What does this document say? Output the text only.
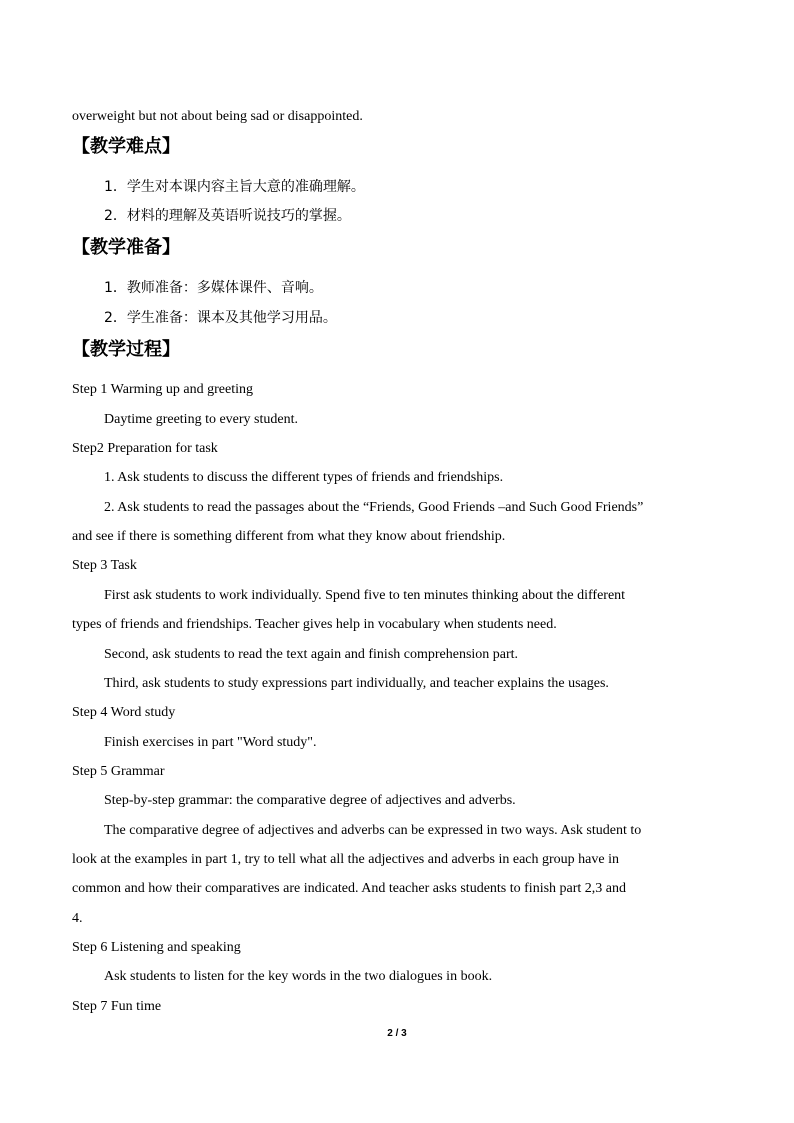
overweight but not about being sad or disappointed.
【教学难点】
1．学生对本课内容主旨大意的准确理解。
2．材料的理解及英语听说技巧的掌握。
【教学准备】
1．教师准备：多媒体课件、音响。
2．学生准备：课本及其他学习用品。
【教学过程】
Step 1 Warming up and greeting
Daytime greeting to every student.
Step2 Preparation for task
1. Ask students to discuss the different types of friends and friendships.
2. Ask students to read the passages about the “Friends, Good Friends –and Such Good Friends”
and see if there is something different from what they know about friendship.
Step 3 Task
First ask students to work individually. Spend five to ten minutes thinking about the different
types of friends and friendships. Teacher gives help in vocabulary when students need.
Second, ask students to read the text again and finish comprehension part.
Third, ask students to study expressions part individually, and teacher explains the usages.
Step 4 Word study
Finish exercises in part "Word study".
Step 5 Grammar
Step-by-step grammar: the comparative degree of adjectives and adverbs.
The comparative degree of adjectives and adverbs can be expressed in two ways. Ask student to
look at the examples in part 1, try to tell what all the adjectives and adverbs in each group have in
common and how their comparatives are indicated. And teacher asks students to finish part 2,3 and
4.
Step 6 Listening and speaking
Ask students to listen for the key words in the two dialogues in book.
Step 7 Fun time
2 / 3
